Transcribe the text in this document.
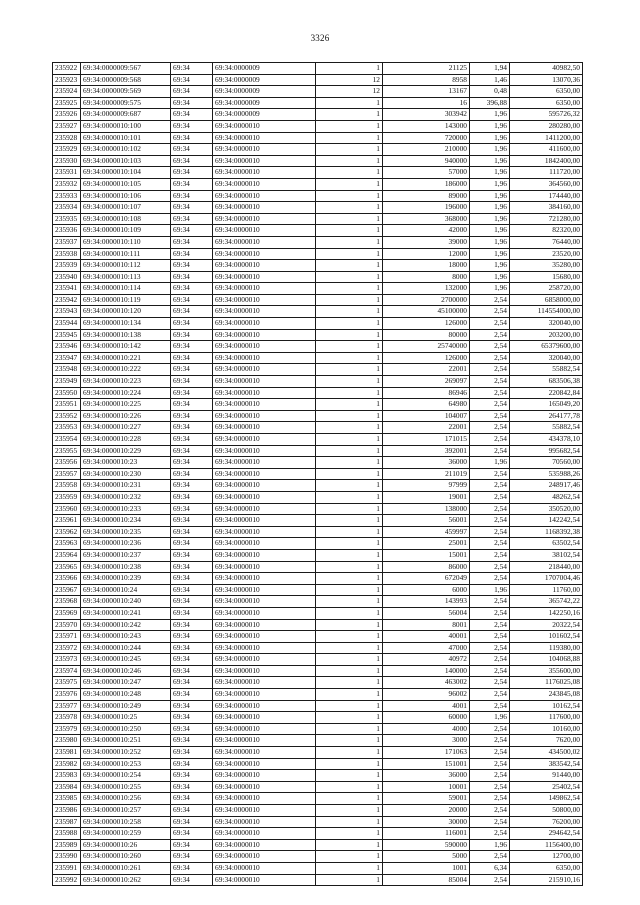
3326
235922	69:34:0000009:567	69:34	69:34:0000009	1	21125	1,94	40982,50
235923	69:34:0000009:568	69:34	69:34:0000009	12	8958	1,46	13070,36
235924	69:34:0000009:569	69:34	69:34:0000009	12	13167	0,48	6350,00
235925	69:34:0000009:575	69:34	69:34:0000009	1	16	396,88	6350,00
235926	69:34:0000009:687	69:34	69:34:0000009	1	303942	1,96	595726,32
235927	69:34:0000010:100	69:34	69:34:0000010	1	143000	1,96	280280,00
235928	69:34:0000010:101	69:34	69:34:0000010	1	720000	1,96	1411200,00
235929	69:34:0000010:102	69:34	69:34:0000010	1	210000	1,96	411600,00
235930	69:34:0000010:103	69:34	69:34:0000010	1	940000	1,96	1842400,00
235931	69:34:0000010:104	69:34	69:34:0000010	1	57000	1,96	111720,00
235932	69:34:0000010:105	69:34	69:34:0000010	1	186000	1,96	364560,00
235933	69:34:0000010:106	69:34	69:34:0000010	1	89000	1,96	174440,00
235934	69:34:0000010:107	69:34	69:34:0000010	1	196000	1,96	384160,00
235935	69:34:0000010:108	69:34	69:34:0000010	1	368000	1,96	721280,00
235936	69:34:0000010:109	69:34	69:34:0000010	1	42000	1,96	82320,00
235937	69:34:0000010:110	69:34	69:34:0000010	1	39000	1,96	76440,00
235938	69:34:0000010:111	69:34	69:34:0000010	1	12000	1,96	23520,00
235939	69:34:0000010:112	69:34	69:34:0000010	1	18000	1,96	35280,00
235940	69:34:0000010:113	69:34	69:34:0000010	1	8000	1,96	15680,00
235941	69:34:0000010:114	69:34	69:34:0000010	1	132000	1,96	258720,00
235942	69:34:0000010:119	69:34	69:34:0000010	1	2700000	2,54	6858000,00
235943	69:34:0000010:120	69:34	69:34:0000010	1	45100000	2,54	114554000,00
235944	69:34:0000010:134	69:34	69:34:0000010	1	126000	2,54	320040,00
235945	69:34:0000010:138	69:34	69:34:0000010	1	80000	2,54	203200,00
235946	69:34:0000010:142	69:34	69:34:0000010	1	25740000	2,54	65379600,00
235947	69:34:0000010:221	69:34	69:34:0000010	1	126000	2,54	320040,00
235948	69:34:0000010:222	69:34	69:34:0000010	1	22001	2,54	55882,54
235949	69:34:0000010:223	69:34	69:34:0000010	1	269097	2,54	683506,38
235950	69:34:0000010:224	69:34	69:34:0000010	1	86946	2,54	220842,84
235951	69:34:0000010:225	69:34	69:34:0000010	1	64980	2,54	165049,20
235952	69:34:0000010:226	69:34	69:34:0000010	1	104007	2,54	264177,78
235953	69:34:0000010:227	69:34	69:34:0000010	1	22001	2,54	55882,54
235954	69:34:0000010:228	69:34	69:34:0000010	1	171015	2,54	434378,10
235955	69:34:0000010:229	69:34	69:34:0000010	1	392001	2,54	995682,54
235956	69:34:0000010:23	69:34	69:34:0000010	1	36000	1,96	70560,00
235957	69:34:0000010:230	69:34	69:34:0000010	1	211019	2,54	535988,26
235958	69:34:0000010:231	69:34	69:34:0000010	1	97999	2,54	248917,46
235959	69:34:0000010:232	69:34	69:34:0000010	1	19001	2,54	48262,54
235960	69:34:0000010:233	69:34	69:34:0000010	1	138000	2,54	350520,00
235961	69:34:0000010:234	69:34	69:34:0000010	1	56001	2,54	142242,54
235962	69:34:0000010:235	69:34	69:34:0000010	1	459997	2,54	1168392,38
235963	69:34:0000010:236	69:34	69:34:0000010	1	25001	2,54	63502,54
235964	69:34:0000010:237	69:34	69:34:0000010	1	15001	2,54	38102,54
235965	69:34:0000010:238	69:34	69:34:0000010	1	86000	2,54	218440,00
235966	69:34:0000010:239	69:34	69:34:0000010	1	672049	2,54	1707004,46
235967	69:34:0000010:24	69:34	69:34:0000010	1	6000	1,96	11760,00
235968	69:34:0000010:240	69:34	69:34:0000010	1	143993	2,54	365742,22
235969	69:34:0000010:241	69:34	69:34:0000010	1	56004	2,54	142250,16
235970	69:34:0000010:242	69:34	69:34:0000010	1	8001	2,54	20322,54
235971	69:34:0000010:243	69:34	69:34:0000010	1	40001	2,54	101602,54
235972	69:34:0000010:244	69:34	69:34:0000010	1	47000	2,54	119380,00
235973	69:34:0000010:245	69:34	69:34:0000010	1	40972	2,54	104068,88
235974	69:34:0000010:246	69:34	69:34:0000010	1	140000	2,54	355600,00
235975	69:34:0000010:247	69:34	69:34:0000010	1	463002	2,54	1176025,08
235976	69:34:0000010:248	69:34	69:34:0000010	1	96002	2,54	243845,08
235977	69:34:0000010:249	69:34	69:34:0000010	1	4001	2,54	10162,54
235978	69:34:0000010:25	69:34	69:34:0000010	1	60000	1,96	117600,00
235979	69:34:0000010:250	69:34	69:34:0000010	1	4000	2,54	10160,00
235980	69:34:0000010:251	69:34	69:34:0000010	1	3000	2,54	7620,00
235981	69:34:0000010:252	69:34	69:34:0000010	1	171063	2,54	434500,02
235982	69:34:0000010:253	69:34	69:34:0000010	1	151001	2,54	383542,54
235983	69:34:0000010:254	69:34	69:34:0000010	1	36000	2,54	91440,00
235984	69:34:0000010:255	69:34	69:34:0000010	1	10001	2,54	25402,54
235985	69:34:0000010:256	69:34	69:34:0000010	1	59001	2,54	149862,54
235986	69:34:0000010:257	69:34	69:34:0000010	1	20000	2,54	50800,00
235987	69:34:0000010:258	69:34	69:34:0000010	1	30000	2,54	76200,00
235988	69:34:0000010:259	69:34	69:34:0000010	1	116001	2,54	294642,54
235989	69:34:0000010:26	69:34	69:34:0000010	1	590000	1,96	1156400,00
235990	69:34:0000010:260	69:34	69:34:0000010	1	5000	2,54	12700,00
235991	69:34:0000010:261	69:34	69:34:0000010	1	1001	6,34	6350,00
235992	69:34:0000010:262	69:34	69:34:0000010	1	85004	2,54	215910,16
